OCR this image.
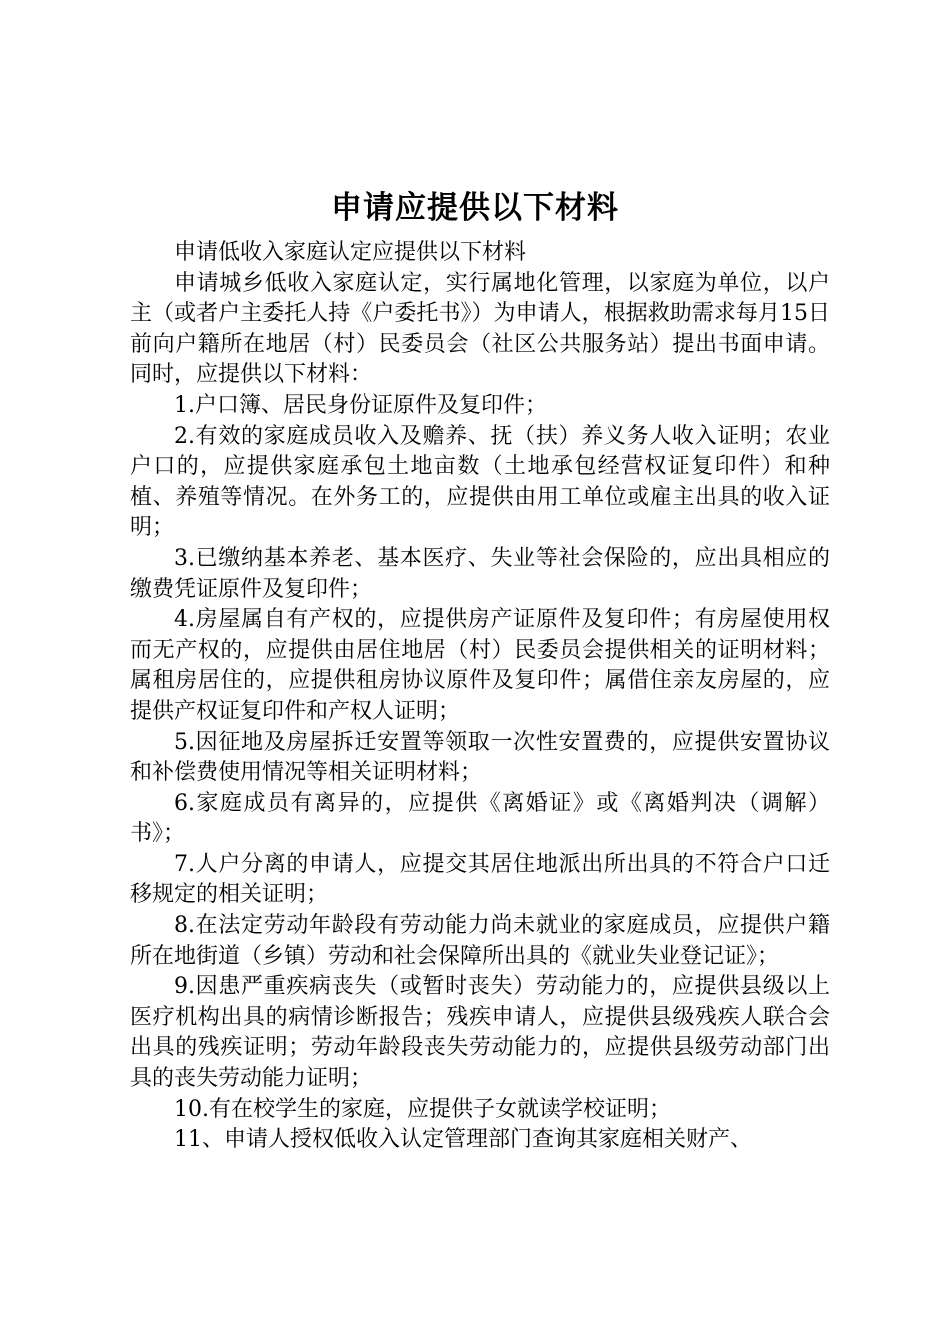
申请应提供以下材料

申请低收入家庭认定应提供以下材料

申请城乡低收入家庭认定，实行属地化管理，以家庭为单位，以户主（或者户主委托人持《户委托书》）为申请人，根据救助需求每月15日前向户籍所在地居（村）民委员会（社区公共服务站）提出书面申请。同时，应提供以下材料：

1.户口簿、居民身份证原件及复印件；

2.有效的家庭成员收入及赡养、抚（扶）养义务人收入证明；农业户口的，应提供家庭承包土地亩数（土地承包经营权证复印件）和种植、养殖等情况。在外务工的，应提供由用工单位或雇主出具的收入证明；

3.已缴纳基本养老、基本医疗、失业等社会保险的，应出具相应的缴费凭证原件及复印件；

4.房屋属自有产权的，应提供房产证原件及复印件；有房屋使用权而无产权的，应提供由居住地居（村）民委员会提供相关的证明材料；属租房居住的，应提供租房协议原件及复印件；属借住亲友房屋的，应提供产权证复印件和产权人证明；

5.因征地及房屋拆迁安置等领取一次性安置费的，应提供安置协议和补偿费使用情况等相关证明材料；

6.家庭成员有离异的，应提供《离婚证》或《离婚判决（调解）书》；

7.人户分离的申请人，应提交其居住地派出所出具的不符合户口迁移规定的相关证明；

8.在法定劳动年龄段有劳动能力尚未就业的家庭成员，应提供户籍所在地街道（乡镇）劳动和社会保障所出具的《就业失业登记证》；

9.因患严重疾病丧失（或暂时丧失）劳动能力的，应提供县级以上医疗机构出具的病情诊断报告；残疾申请人，应提供县级残疾人联合会出具的残疾证明；劳动年龄段丧失劳动能力的，应提供县级劳动部门出具的丧失劳动能力证明；

10.有在校学生的家庭，应提供子女就读学校证明；

11、申请人授权低收入认定管理部门查询其家庭相关财产、
